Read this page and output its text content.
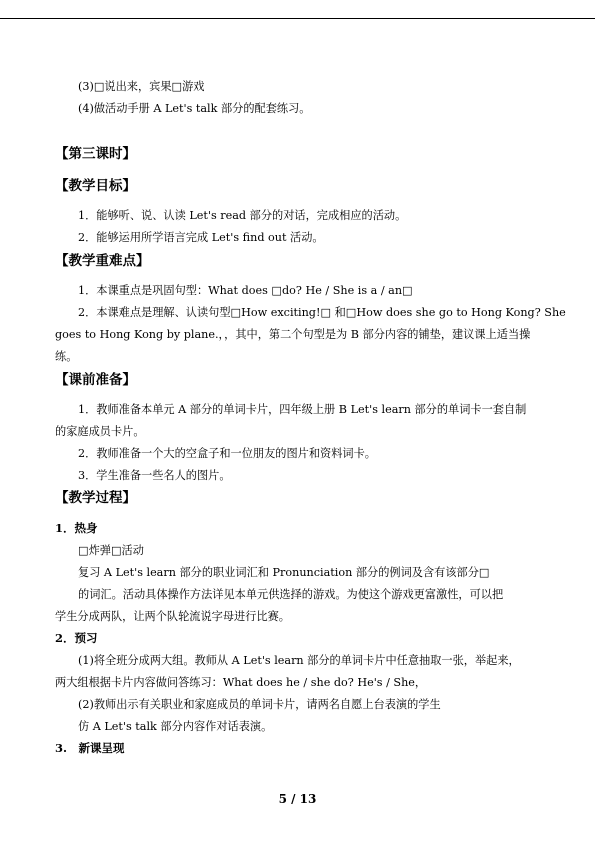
(3)□说出来，宾果□游戏
(4)做活动手册 A Let's talk 部分的配套练习。
【第三课时】
【教学目标】
1．能够听、说、认读 Let's read 部分的对话，完成相应的活动。
2．能够运用所学语言完成 Let's find out 活动。
【教学重难点】
1．本课重点是巩固句型：What does □do? He / She is a / an□
2．本课难点是理解、认读句型□How exciting!□ 和□How does she go to Hong Kong? She
goes to Hong Kong by plane.，，其中，第二个句型是为 B 部分内容的铺垫，建议课上适当操
练。
【课前准备】
1．教师准备本单元 A 部分的单词卡片，四年级上册 B Let's learn 部分的单词卡一套自制
的家庭成员卡片。
2．教师准备一个大的空盒子和一位朋友的图片和资料词卡。
3．学生准备一些名人的图片。
【教学过程】
1．热身
□炸弹□活动
复习 A Let's learn 部分的职业词汇和 Pronunciation 部分的例词及含有该部分□
的词汇。活动具体操作方法详见本单元供选择的游戏。为使这个游戏更富激性，可以把
学生分成两队，让两个队轮流说字母进行比赛。
2．预习
(1)将全班分成两大组。教师从 A Let's learn 部分的单词卡片中任意抽取一张，举起来，
两大组根据卡片内容做问答练习：What does he / she do? He's / She，
(2)教师出示有关职业和家庭成员的单词卡片，请两名自愿上台表演的学生
仿 A Let's talk 部分内容作对话表演。
3.　新课呈现
5 / 13
